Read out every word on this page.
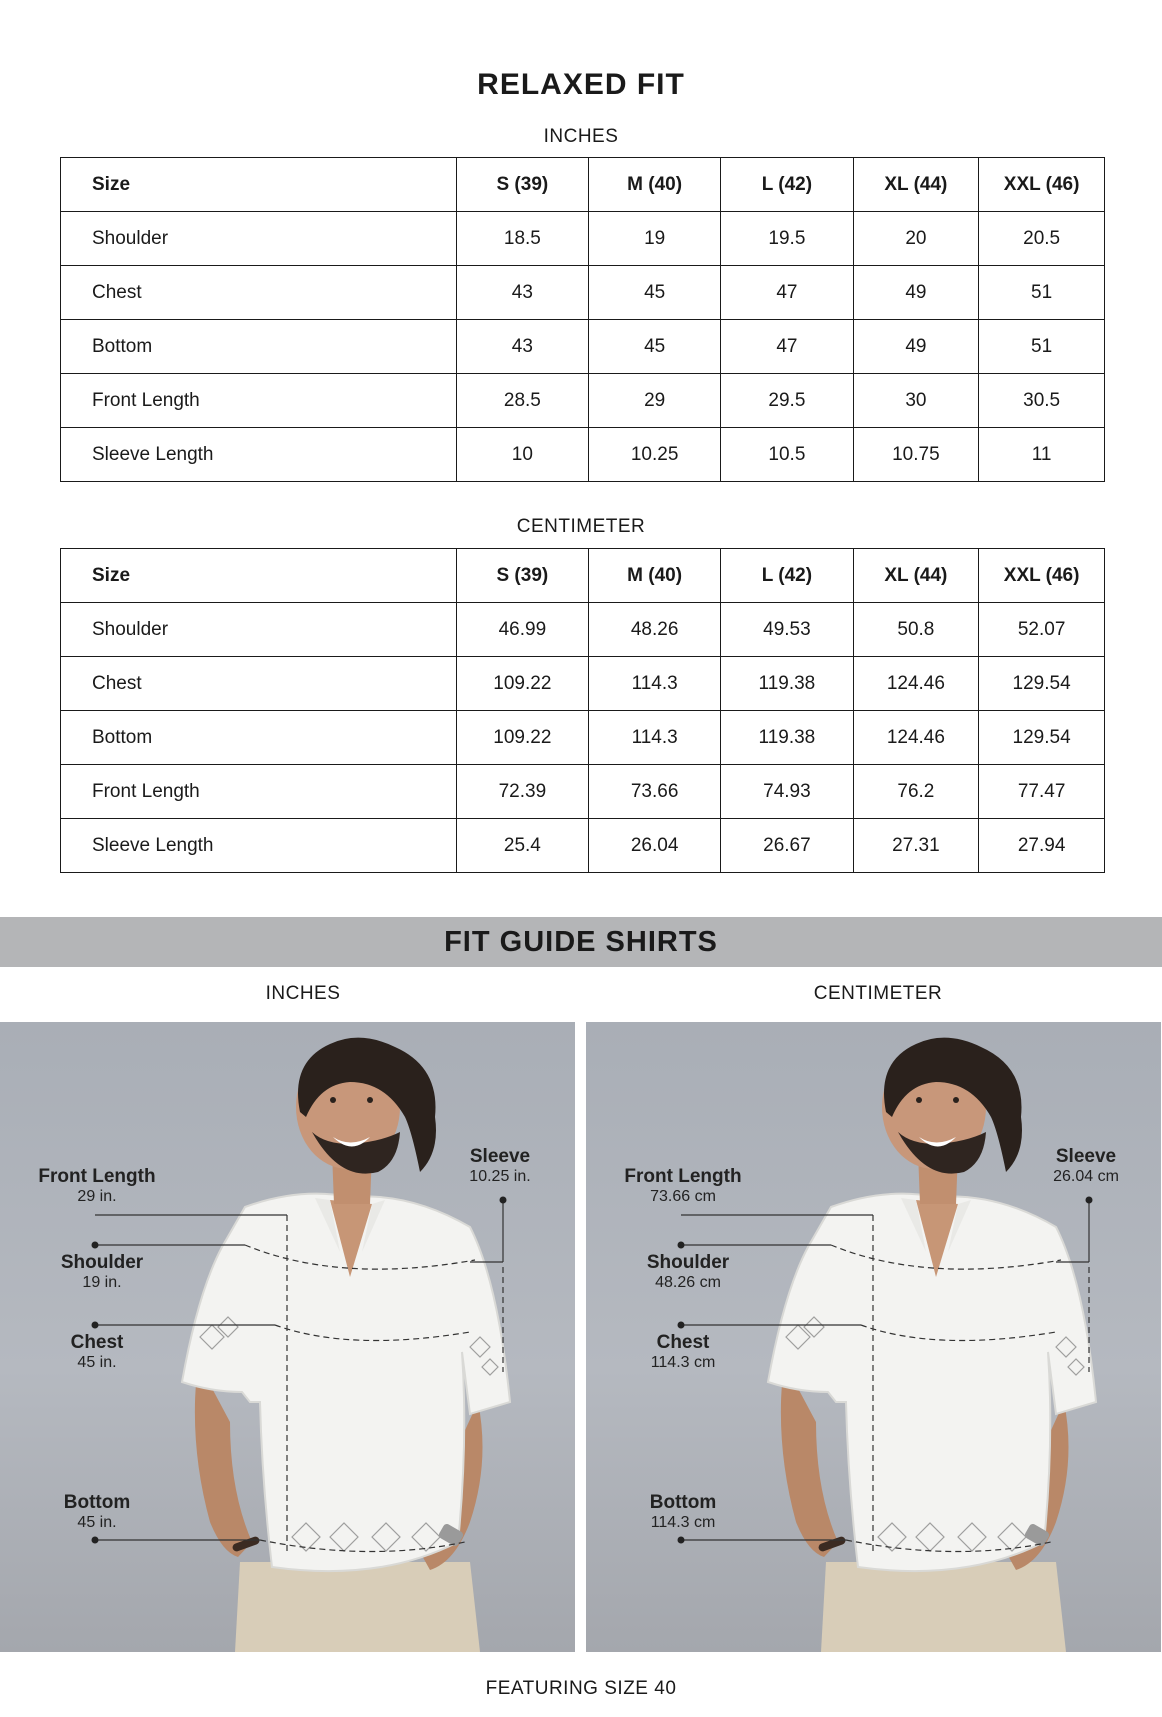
RELAXED FIT
INCHES
Size	S (39)	M (40)	L (42)	XL (44)	XXL (46)
Shoulder	18.5	19	19.5	20	20.5
Chest	43	45	47	49	51
Bottom	43	45	47	49	51
Front Length	28.5	29	29.5	30	30.5
Sleeve Length	10	10.25	10.5	10.75	11
CENTIMETER
Size	S (39)	M (40)	L (42)	XL (44)	XXL (46)
Shoulder	46.99	48.26	49.53	50.8	52.07
Chest	109.22	114.3	119.38	124.46	129.54
Bottom	109.22	114.3	119.38	124.46	129.54
Front Length	72.39	73.66	74.93	76.2	77.47
Sleeve Length	25.4	26.04	26.67	27.31	27.94
FIT GUIDE SHIRTS
INCHES	CENTIMETER
Front Length
29 in.
Shoulder
19 in.
Chest
45 in.
Bottom
45 in.
Sleeve
10.25 in.	Front Length
73.66 cm
Shoulder
48.26 cm
Chest
114.3 cm
Bottom
114.3 cm
Sleeve
26.04 cm
FEATURING SIZE 40
